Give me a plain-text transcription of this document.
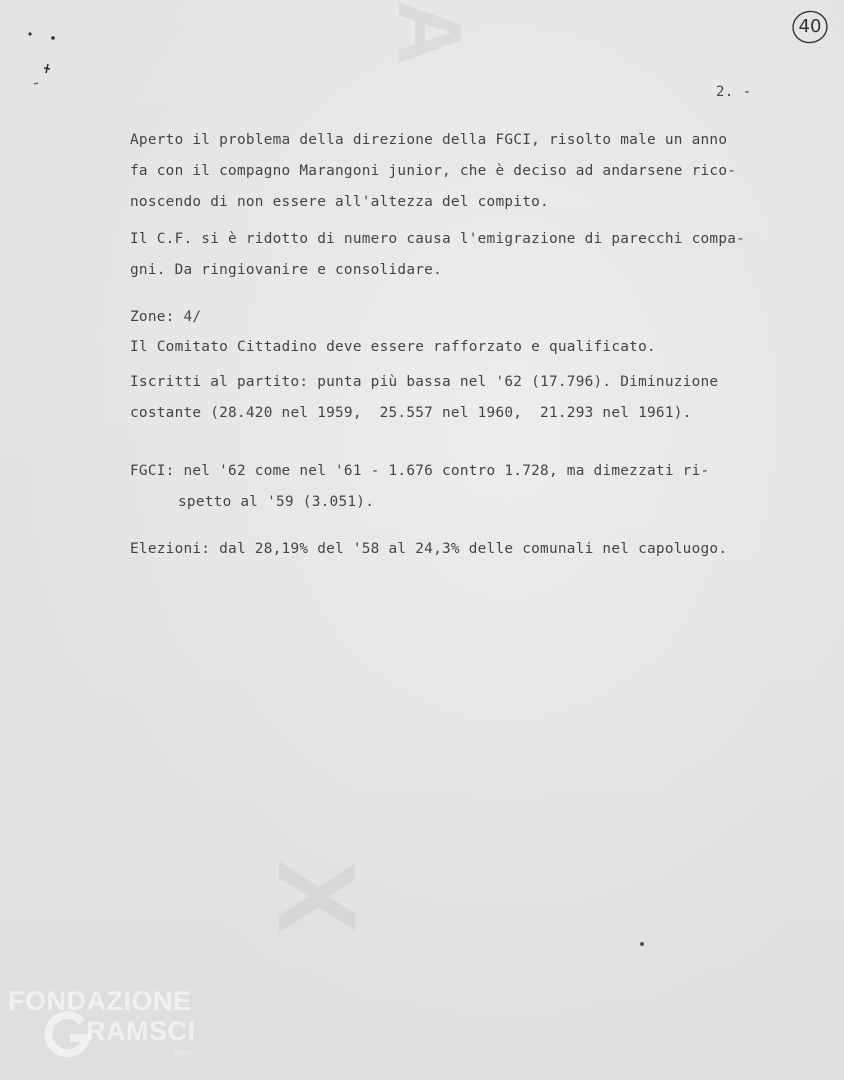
A
X
40
2. -
Aperto il problema della direzione della FGCI, risolto male un anno
fa con il compagno Marangoni junior, che è deciso ad andarsene rico-
noscendo di non essere all'altezza del compito.
Il C.F. si è ridotto di numero causa l'emigrazione di parecchi compa-
gni. Da ringiovanire e consolidare.
Zone: 4/
Il Comitato Cittadino deve essere rafforzato e qualificato.
Iscritti al partito: punta più bassa nel '62 (17.796). Diminuzione
costante (28.420 nel 1959,  25.557 nel 1960,  21.293 nel 1961).
FGCI: nel '62 come nel '61 - 1.676 contro 1.728, ma dimezzati ri-
spetto al '59 (3.051).
Elezioni: dal 28,19% del '58 al 24,3% delle comunali nel capoluogo.
FONDAZIONE
RAMSCI
onlus
